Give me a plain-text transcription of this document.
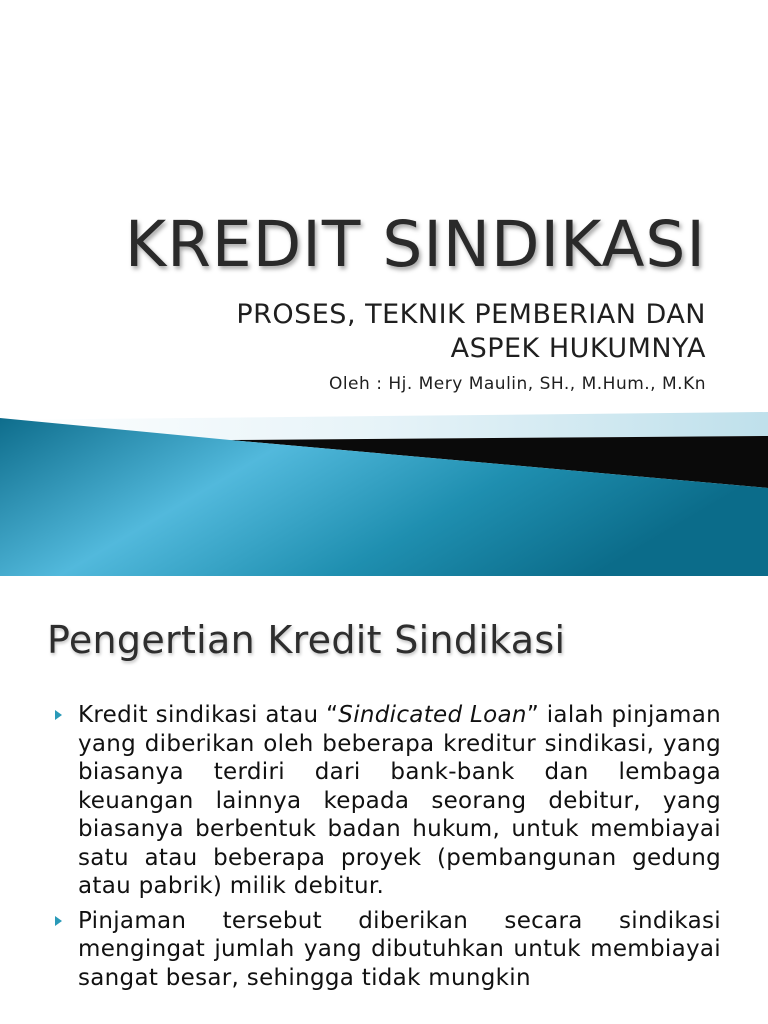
KREDIT SINDIKASI

PROSES, TEKNIK PEMBERIAN DAN
ASPEK HUKUMNYA

Oleh : Hj. Mery Maulin, SH., M.Hum., M.Kn

Pengertian Kredit Sindikasi
Kredit sindikasi atau “Sindicated Loan” ialah pinjaman yang diberikan oleh beberapa kreditur sindikasi, yang biasanya terdiri dari bank-bank dan lembaga keuangan lainnya kepada seorang debitur, yang biasanya berbentuk badan hukum, untuk membiayai satu atau beberapa proyek (pembangunan gedung atau pabrik) milik debitur.
Pinjaman tersebut diberikan secara sindikasi mengingat jumlah yang dibutuhkan untuk membiayai sangat besar, sehingga tidak mungkin
